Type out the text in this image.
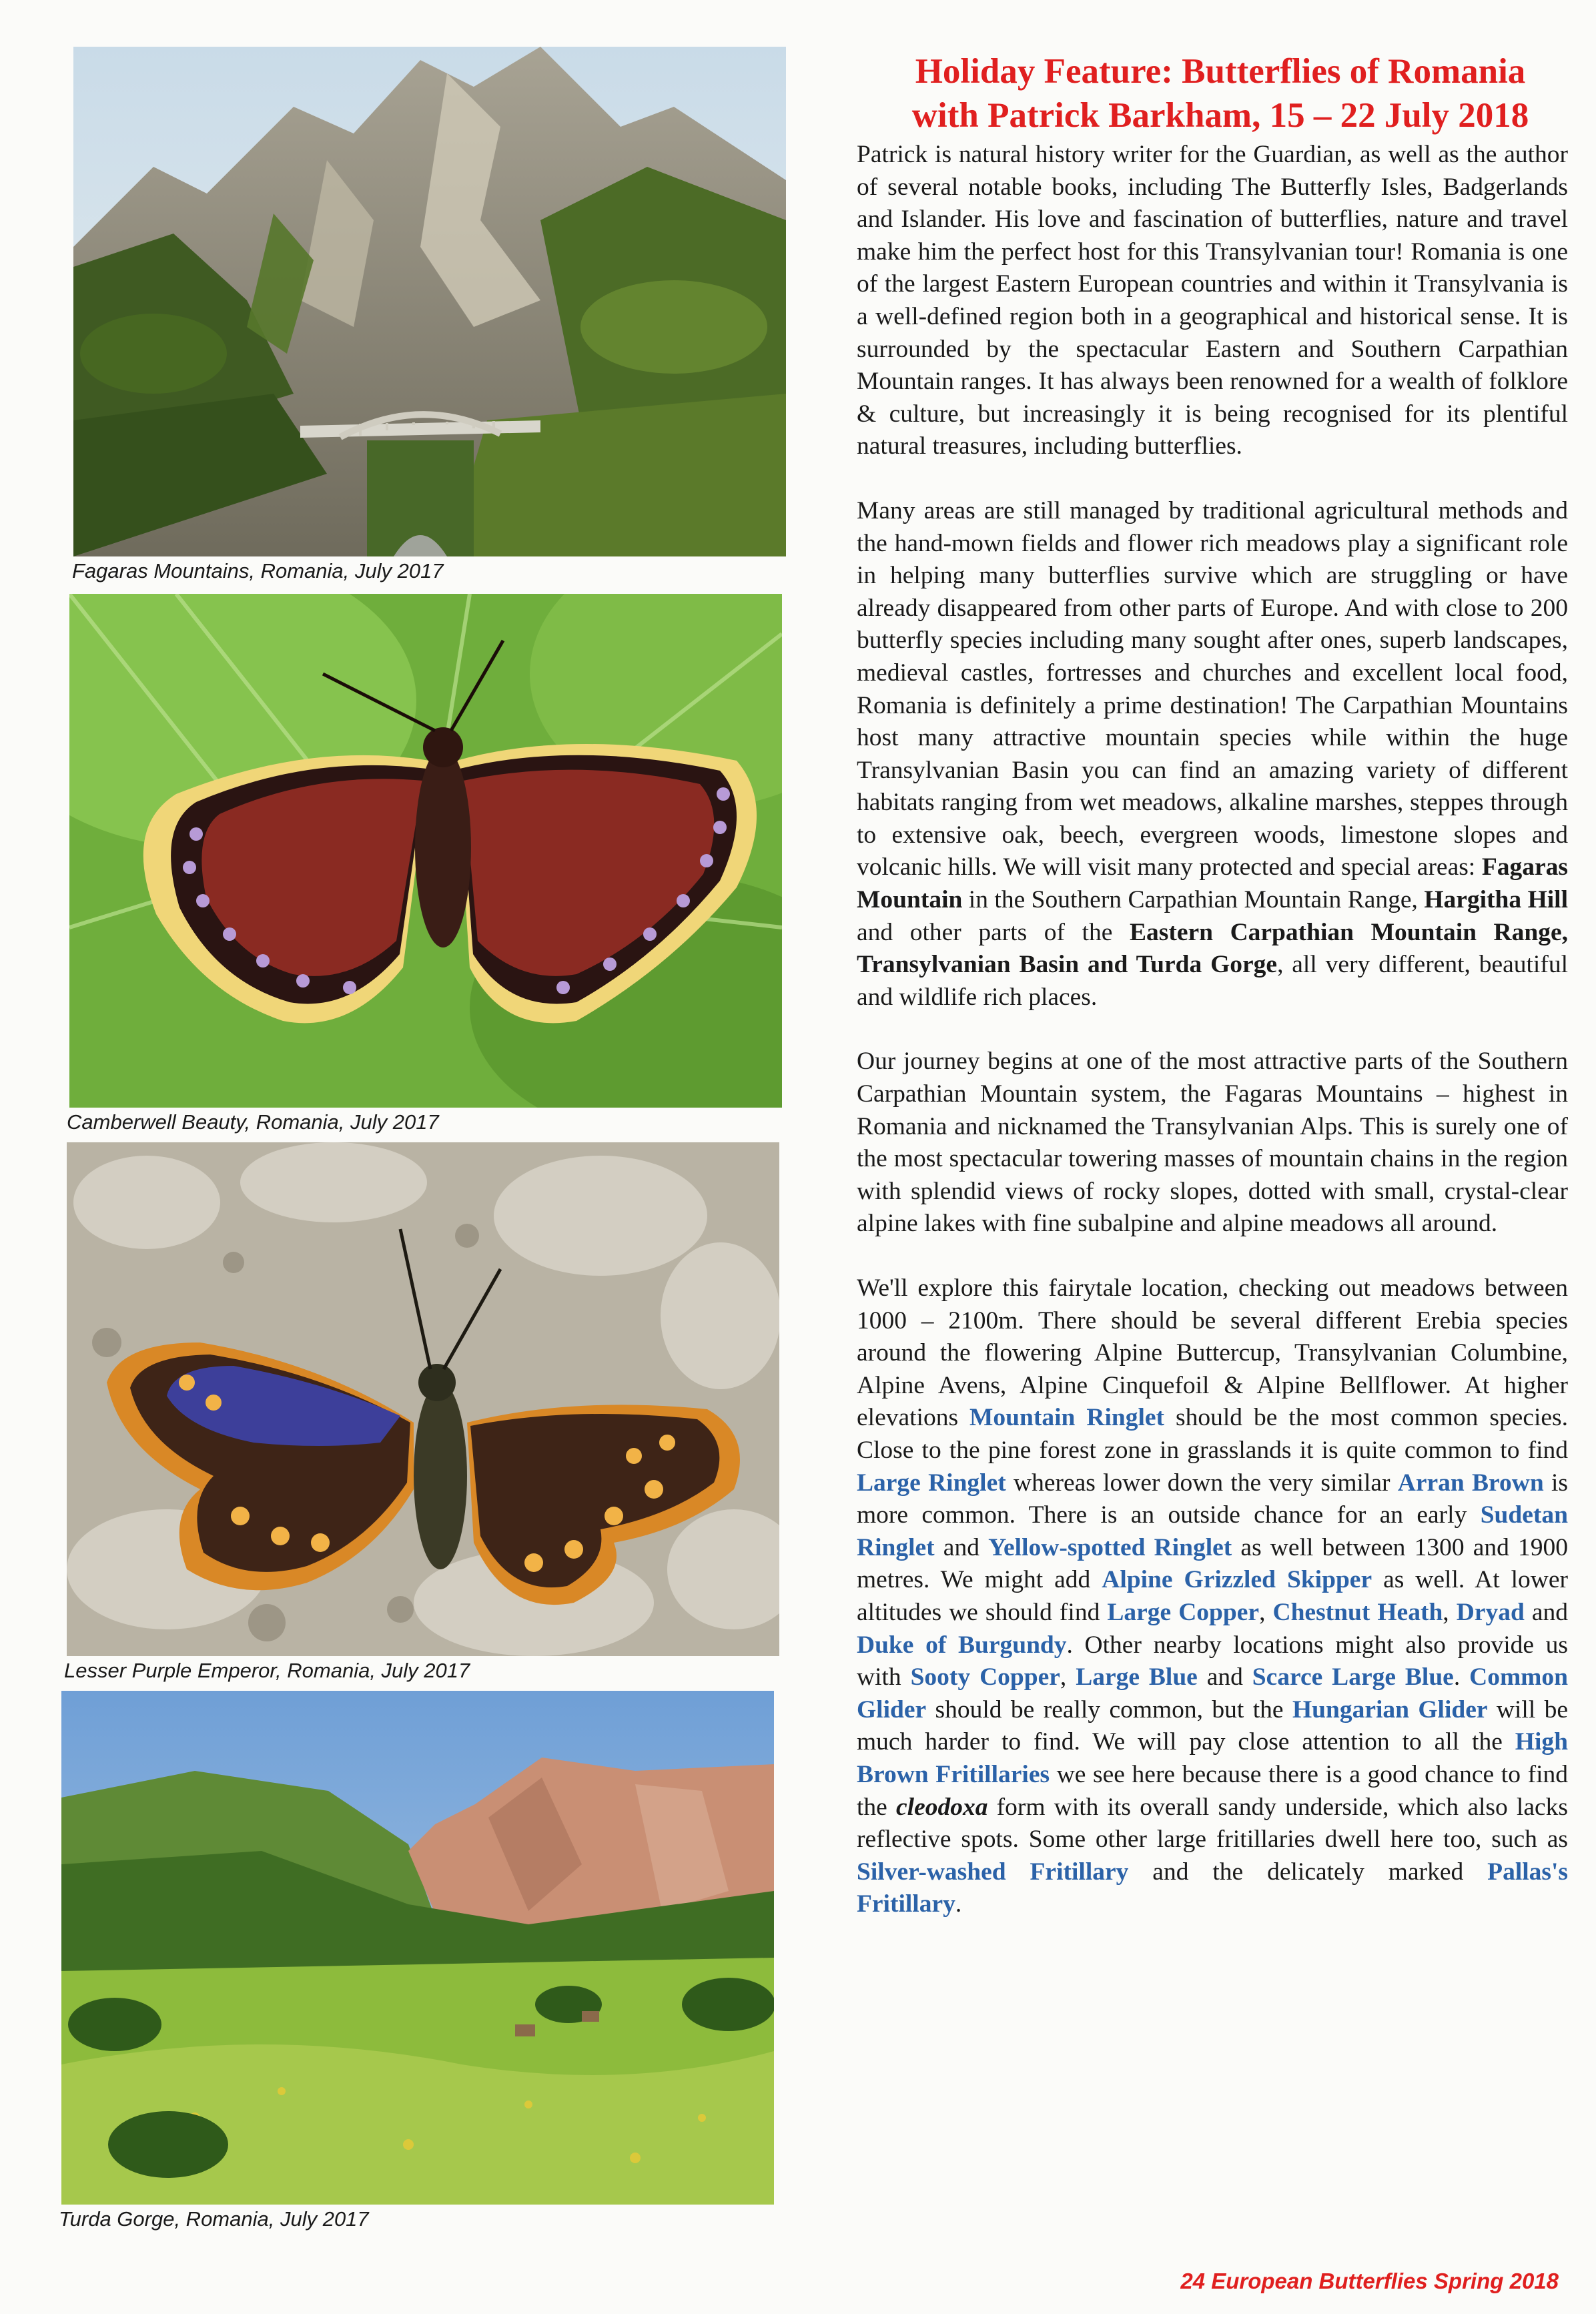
Fagaras Mountains, Romania, July 2017
Camberwell Beauty, Romania, July 2017
Lesser Purple Emperor, Romania, July 2017
Turda Gorge, Romania, July 2017
Holiday Feature: Butterflies of Romania
with Patrick Barkham, 15 – 22 July 2018

Patrick is natural history writer for the Guardian, as well as the author of several notable books, including The Butterfly Isles, Badgerlands and Islander. His love and fascination of butterflies, nature and travel make him the perfect host for this Transylvanian tour! Romania is one of the largest Eastern European countries and within it Transylvania is a well-defined region both in a geographical and historical sense. It is surrounded by the spectacular Eastern and Southern Carpathian Mountain ranges. It has always been renowned for a wealth of folklore & culture, but increasingly it is being recognised for its plentiful natural treasures, including butterflies.

Many areas are still managed by traditional agricultural methods and the hand-mown fields and flower rich meadows play a significant role in helping many butterflies survive which are struggling or have already disappeared from other parts of Europe. And with close to 200 butterfly species including many sought after ones, superb landscapes, medieval castles, fortresses and churches and excellent local food, Romania is definitely a prime destination! The Carpathian Mountains host many attractive mountain species while within the huge Transylvanian Basin you can find an amazing variety of different habitats ranging from wet meadows, alkaline marshes, steppes through to extensive oak, beech, evergreen woods, limestone slopes and volcanic hills. We will visit many protected and special areas: Fagaras Mountain in the Southern Carpathian Mountain Range, Hargitha Hill and other parts of the Eastern Carpathian Mountain Range, Transylvanian Basin and Turda Gorge, all very different, beautiful and wildlife rich places.

Our journey begins at one of the most attractive parts of the Southern Carpathian Mountain system, the Fagaras Mountains – highest in Romania and nicknamed the Transylvanian Alps. This is surely one of the most spectacular towering masses of mountain chains in the region with splendid views of rocky slopes, dotted with small, crystal-clear alpine lakes with fine subalpine and alpine meadows all around.

We'll explore this fairytale location, checking out meadows between 1000 – 2100m. There should be several different Erebia species around the flowering Alpine Buttercup, Transylvanian Columbine, Alpine Avens, Alpine Cinquefoil & Alpine Bellflower. At higher elevations Mountain Ringlet should be the most common species. Close to the pine forest zone in grasslands it is quite common to find Large Ringlet whereas lower down the very similar Arran Brown is more common. There is an outside chance for an early Sudetan Ringlet and Yellow-spotted Ringlet as well between 1300 and 1900 metres. We might add Alpine Grizzled Skipper as well. At lower altitudes we should find Large Copper, Chestnut Heath, Dryad and Duke of Burgundy. Other nearby locations might also provide us with Sooty Copper, Large Blue and Scarce Large Blue. Common Glider should be really common, but the Hungarian Glider will be much harder to find. We will pay close attention to all the High Brown Fritillaries we see here because there is a good chance to find the cleodoxa form with its overall sandy underside, which also lacks reflective spots. Some other large fritillaries dwell here too, such as Silver-washed Fritillary and the delicately marked Pallas's Fritillary.

24 European Butterflies Spring 2018
